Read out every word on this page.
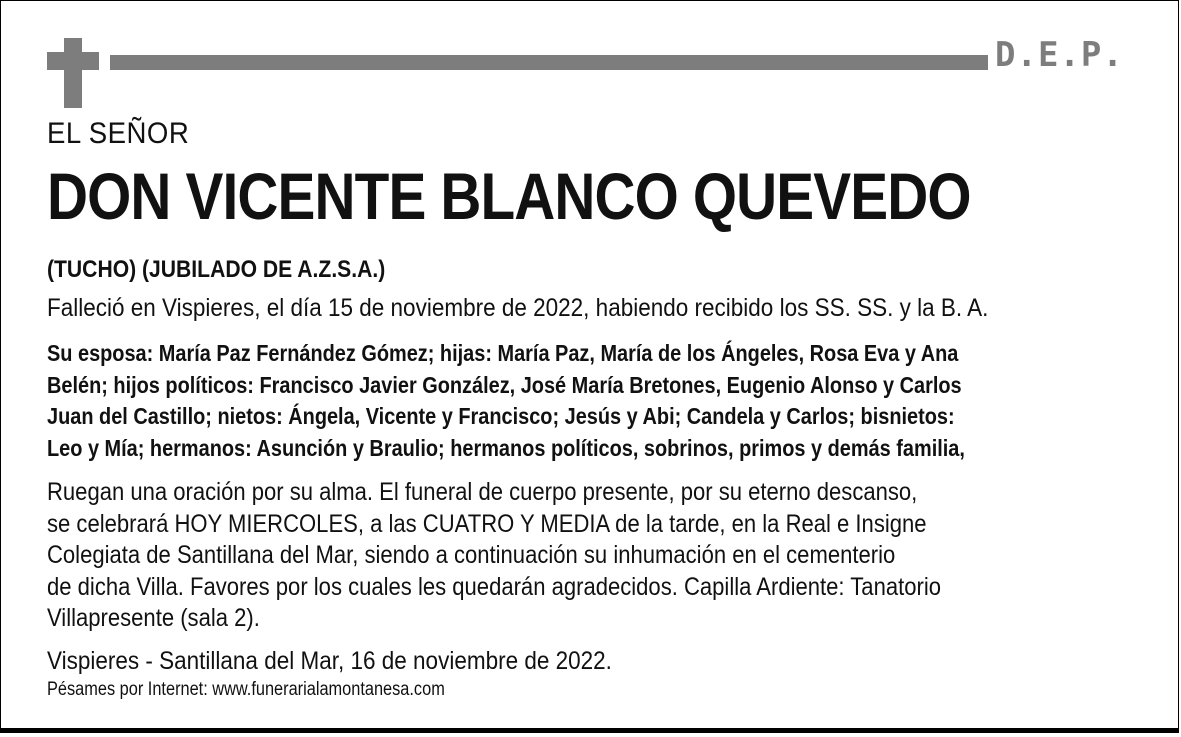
D.E.P.
EL SEÑOR
DON VICENTE BLANCO QUEVEDO
(TUCHO) (JUBILADO DE A.Z.S.A.)
Falleció en Vispieres, el día 15 de noviembre de 2022, habiendo recibido los SS. SS. y la B. A.
Su esposa: María Paz Fernández Gómez; hijas: María Paz, María de los Ángeles, Rosa Eva y Ana
Belén; hijos políticos: Francisco Javier González, José María Bretones, Eugenio Alonso y Carlos
Juan del Castillo; nietos: Ángela, Vicente y Francisco; Jesús y Abi; Candela y Carlos; bisnietos:
Leo y Mía; hermanos: Asunción y Braulio; hermanos políticos, sobrinos, primos y demás familia,
Ruegan una oración por su alma. El funeral de cuerpo presente, por su eterno descanso,
se celebrará HOY MIERCOLES, a las CUATRO Y MEDIA de la tarde, en la Real e Insigne
Colegiata de Santillana del Mar, siendo a continuación su inhumación en el cementerio
de dicha Villa. Favores por los cuales les quedarán agradecidos. Capilla Ardiente: Tanatorio
Villapresente (sala 2).
Vispieres - Santillana del Mar, 16 de noviembre de 2022.
Pésames por Internet: www.funerarialamontanesa.com
